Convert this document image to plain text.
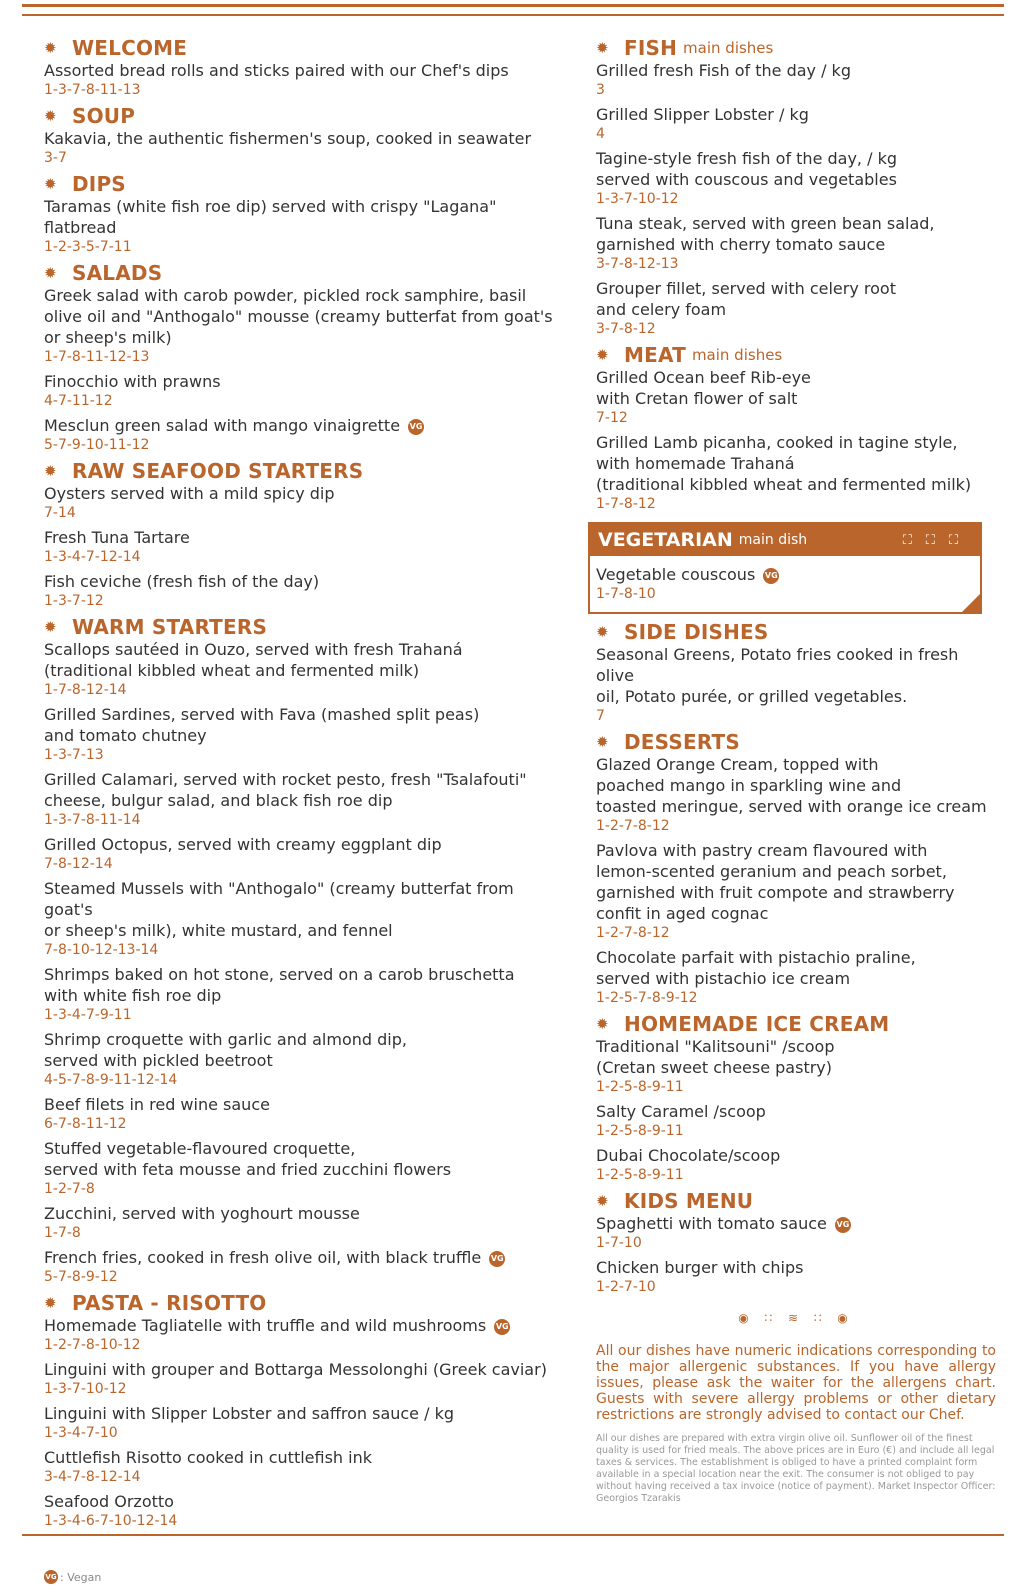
✹ WELCOME
Assorted bread rolls and sticks paired with our Chef's dips
1-3-7-8-11-13
✹ SOUP
Kakavia, the authentic fishermen's soup, cooked in seawater
3-7
✹ DIPS
Taramas (white fish roe dip) served with crispy "Lagana" flatbread
1-2-3-5-7-11
✹ SALADS
Greek salad with carob powder, pickled rock samphire, basil
olive oil and "Anthogalo" mousse (creamy butterfat from goat's or sheep's milk)
1-7-8-11-12-13
Finocchio with prawns
4-7-11-12
Mesclun green salad with mango vinaigrette VG
5-7-9-10-11-12
✹ RAW SEAFOOD STARTERS
Oysters served with a mild spicy dip
7-14
Fresh Tuna Tartare
1-3-4-7-12-14
Fish ceviche (fresh fish of the day)
1-3-7-12
✹ WARM STARTERS
Scallops sautéed in Ouzo, served with fresh Trahaná
(traditional kibbled wheat and fermented milk)
1-7-8-12-14
Grilled Sardines, served with Fava (mashed split peas)
and tomato chutney
1-3-7-13
Grilled Calamari, served with rocket pesto, fresh "Tsalafouti"
cheese, bulgur salad, and black fish roe dip
1-3-7-8-11-14
Grilled Octopus, served with creamy eggplant dip
7-8-12-14
Steamed Mussels with "Anthogalo" (creamy butterfat from goat's
or sheep's milk), white mustard, and fennel
7-8-10-12-13-14
Shrimps baked on hot stone, served on a carob bruschetta
with white fish roe dip
1-3-4-7-9-11
Shrimp croquette with garlic and almond dip,
served with pickled beetroot
4-5-7-8-9-11-12-14
Beef filets in red wine sauce
6-7-8-11-12
Stuffed vegetable-flavoured croquette,
served with feta mousse and fried zucchini flowers
1-2-7-8
Zucchini, served with yoghourt mousse
1-7-8
French fries, cooked in fresh olive oil, with black truffle VG
5-7-8-9-12
✹ PASTA - RISOTTO
Homemade Tagliatelle with truffle and wild mushrooms VG
1-2-7-8-10-12
Linguini with grouper and Bottarga Messolonghi (Greek caviar)
1-3-7-10-12
Linguini with Slipper Lobster and saffron sauce / kg
1-3-4-7-10
Cuttlefish Risotto cooked in cuttlefish ink
3-4-7-8-12-14
Seafood Orzotto
1-3-4-6-7-10-12-14
✹ FISH main dishes
Grilled fresh Fish of the day / kg
3
Grilled Slipper Lobster / kg
4
Tagine-style fresh fish of the day, / kg
served with couscous and vegetables
1-3-7-10-12
Tuna steak, served with green bean salad,
garnished with cherry tomato sauce
3-7-8-12-13
Grouper fillet, served with celery root
and celery foam
3-7-8-12
✹ MEAT main dishes
Grilled Ocean beef Rib-eye
with Cretan flower of salt
7-12
Grilled Lamb picanha, cooked in tagine style,
with homemade Trahaná
(traditional kibbled wheat and fermented milk)
1-7-8-12
VEGETARIAN main dish	⛶⛶⛶
Vegetable couscous VG
1-7-8-10
✹ SIDE DISHES
Seasonal Greens, Potato fries cooked in fresh olive
oil, Potato purée, or grilled vegetables.
7
✹ DESSERTS
Glazed Orange Cream, topped with
poached mango in sparkling wine and
toasted meringue, served with orange ice cream
1-2-7-8-12
Pavlova with pastry cream flavoured with
lemon-scented geranium and peach sorbet,
garnished with fruit compote and strawberry
confit in aged cognac
1-2-7-8-12
Chocolate parfait with pistachio praline,
served with pistachio ice cream
1-2-5-7-8-9-12
✹ HOMEMADE ICE CREAM
Traditional "Kalitsouni" /scoop
(Cretan sweet cheese pastry)
1-2-5-8-9-11
Salty Caramel /scoop
1-2-5-8-9-11
Dubai Chocolate/scoop
1-2-5-8-9-11
✹ KIDS MENU
Spaghetti with tomato sauce VG
1-7-10
Chicken burger with chips
1-2-7-10
◉ ∷ ≋ ∷ ◉
All our dishes have numeric indications corresponding to the major allergenic substances. If you have allergy issues, please ask the waiter for the allergens chart. Guests with severe allergy problems or other dietary restrictions are strongly advised to contact our Chef.
All our dishes are prepared with extra virgin olive oil. Sunflower oil of the finest quality is used for fried meals. The above prices are in Euro (€) and include all legal taxes & services. The establishment is obliged to have a printed complaint form available in a special location near the exit. The consumer is not obliged to pay without having received a tax invoice (notice of payment). Market Inspector Officer: Georgios Tzarakis
VG : Vegan
